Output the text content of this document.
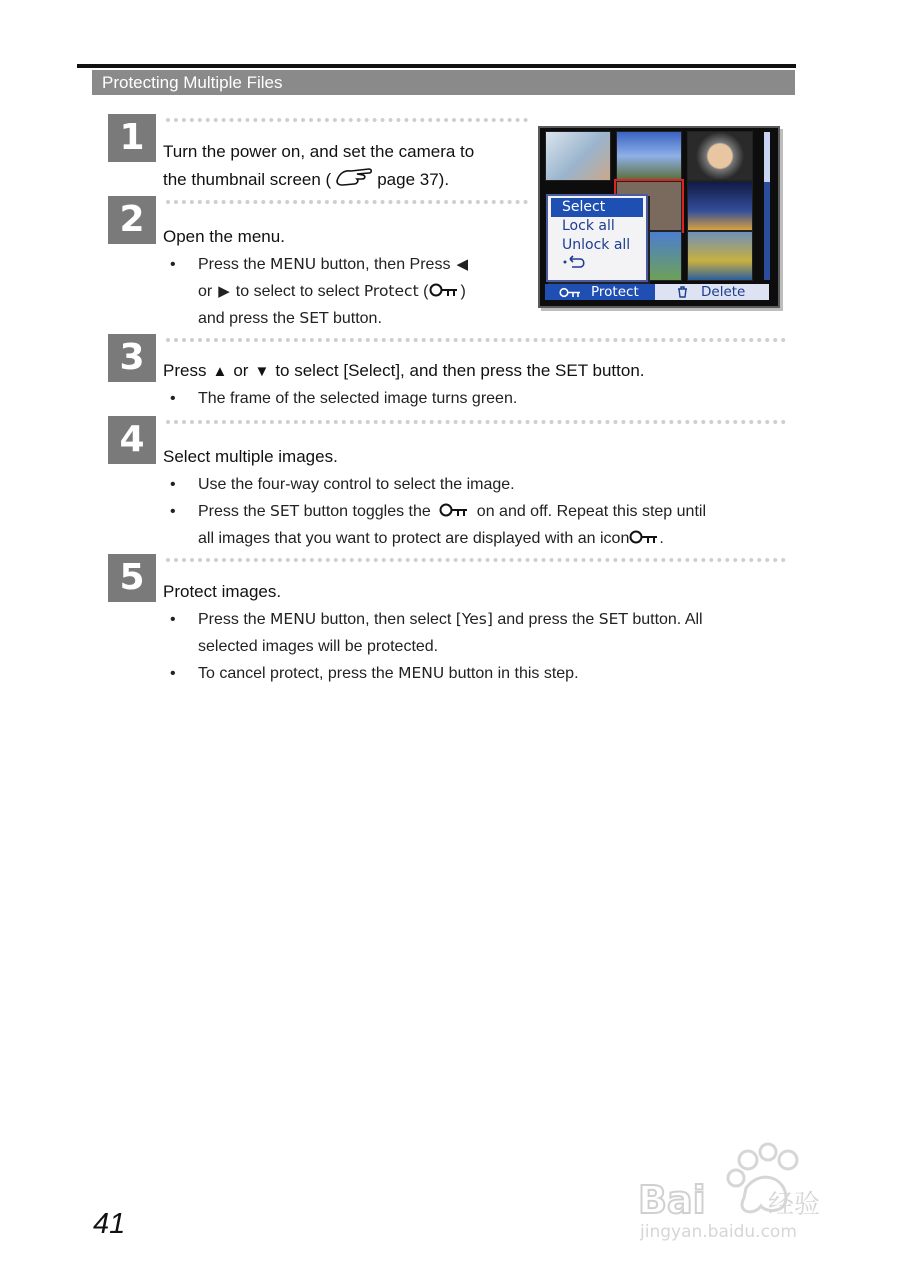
Protecting Multiple Files
1	Turn the power on, and set the camera to
the thumbnail screen (	page 37).
2	Open the menu.
• Press the MENU button, then Press ◀
or ▶ to select to select Protect ( )
and press the SET button.
Select
Lock all
Unlock all
Protect	Delete
3	Press ▲ or ▼ to select [Select], and then press the SET button.
• The frame of the selected image turns green.
4	Select multiple images.
• Use the four-way control to select the image.
• Press the SET button toggles the	on and off. Repeat this step until
all images that you want to protect are displayed with an icon .
5	Protect images.
• Press the MENU button, then select [Yes] and press the SET button. All
selected images will be protected.
• To cancel protect, press the MENU button in this step.
Bai 经验
jingyan.baidu.com
41
